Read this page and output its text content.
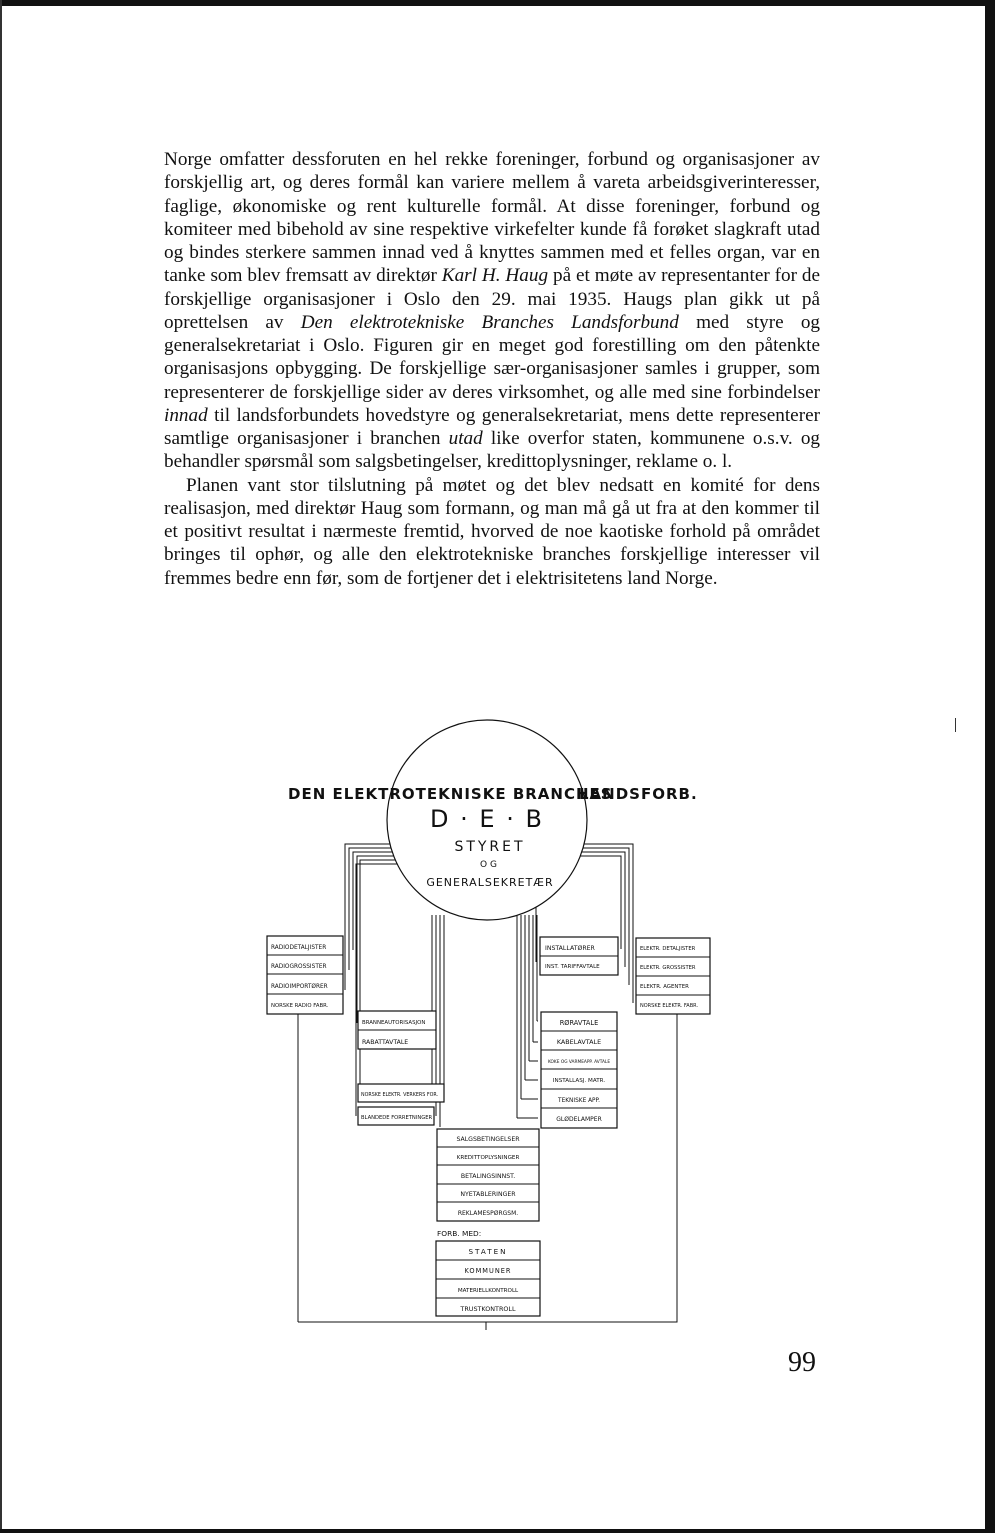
Norge omfatter dessforuten en hel rekke foreninger, forbund og organisasjoner av forskjellig art, og deres formål kan variere mellem å vareta arbeidsgiverinteresser, faglige, økonomiske og rent kulturelle formål. At disse foreninger, forbund og komiteer med bibehold av sine respektive virkefelter kunde få forøket slagkraft utad og bindes sterkere sammen innad ved å knyttes sammen med et felles organ, var en tanke som blev fremsatt av direktør Karl H. Haug på et møte av representanter for de forskjellige organisasjoner i Oslo den 29. mai 1935. Haugs plan gikk ut på oprettelsen av Den elektrotekniske Branches Landsforbund med styre og generalsekretariat i Oslo. Figuren gir en meget god forestilling om den påtenkte organisasjons opbygging. De forskjellige sær-organisasjoner samles i grupper, som representerer de forskjellige sider av deres virksomhet, og alle med sine forbindelser innad til landsforbundets hovedstyre og generalsekretariat, mens dette representerer samtlige organisasjoner i branchen utad like overfor staten, kommunene o.s.v. og behandler spørsmål som salgsbetingelser, kredittoplysninger, reklame o. l.

Planen vant stor tilslutning på møtet og det blev nedsatt en komité for dens realisasjon, med direktør Haug som formann, og man må gå ut fra at den kommer til et positivt resultat i nærmeste fremtid, hvorved de noe kaotiske forhold på området bringes til ophør, og alle den elektrotekniske branches forskjellige interesser vil fremmes bedre enn før, som de fortjener det i elektrisitetens land Norge.

DEN ELEKTROTEKNISKE BRANCHES
LANDSFORB.
D · E · B
STYRET
OG
GENERALSEKRETÆR
RADIODETALJISTER
RADIOGROSSISTER
RADIOIMPORTØRER
NORSKE RADIO FABR.
BRANNEAUTORISASJON
RABATTAVTALE
NORSKE ELEKTR. VERKERS FOR.
BLANDEDE FORRETNINGER
INSTALLATØRER
INST. TARIFFAVTALE
ELEKTR. DETALJISTER
ELEKTR. GROSSISTER
ELEKTR. AGENTER
NORSKE ELEKTR. FABR.
RØRAVTALE
KABELAVTALE
KOKE OG VARMEAPP. AVTALE
INSTALLASJ. MATR.
TEKNISKE APP.
GLØDELAMPER
SALGSBETINGELSER
KREDITTOPLYSNINGER
BETALINGSINNST.
NYETABLERINGER
REKLAMESPØRGSM.
FORB. MED:
STATEN
KOMMUNER
MATERIELLKONTROLL
TRUSTKONTROLL
99
